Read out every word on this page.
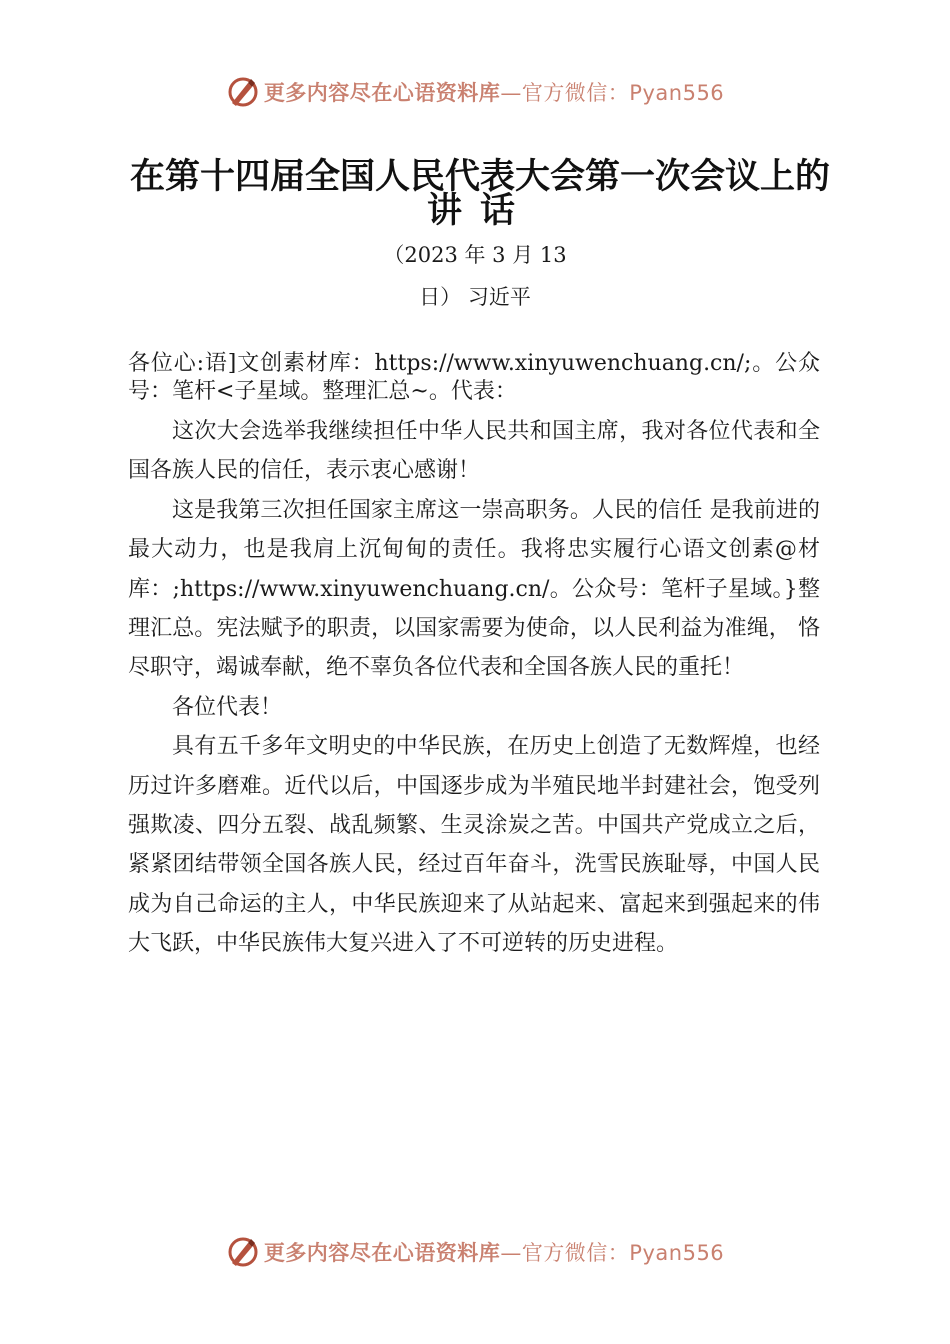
更多内容尽在心语资料库—官方微信：Pyan556
在第十四届全国人民代表大会第一次会议上的
讲话
（2023 年 3 月 13
日） 习近平

各位心:语]文创素材库：https://www.xinyuwenchuang.cn/;。公众号：笔杆<子星域。整理汇总~。代表：

这次大会选举我继续担任中华人民共和国主席，我对各位代表和全国各族人民的信任，表示衷心感谢！

这是我第三次担任国家主席这一崇高职务。人民的信任 是我前进的最大动力，也是我肩上沉甸甸的责任。我将忠实履行心语文创素@材库：;https://www.xinyuwenchuang.cn/。公众号：笔杆子星域。}整理汇总。宪法赋予的职责，以国家需要为使命，以人民利益为准绳， 恪尽职守，竭诚奉献，绝不辜负各位代表和全国各族人民的重托！

各位代表！

具有五千多年文明史的中华民族，在历史上创造了无数辉煌，也经历过许多磨难。近代以后，中国逐步成为半殖民地半封建社会，饱受列强欺凌、四分五裂、战乱频繁、生灵涂炭之苦。中国共产党成立之后，紧紧团结带领全国各族人民，经过百年奋斗，洗雪民族耻辱，中国人民成为自己命运的主人，中华民族迎来了从站起来、富起来到强起来的伟大飞跃，中华民族伟大复兴进入了不可逆转的历史进程。

更多内容尽在心语资料库—官方微信：Pyan556
